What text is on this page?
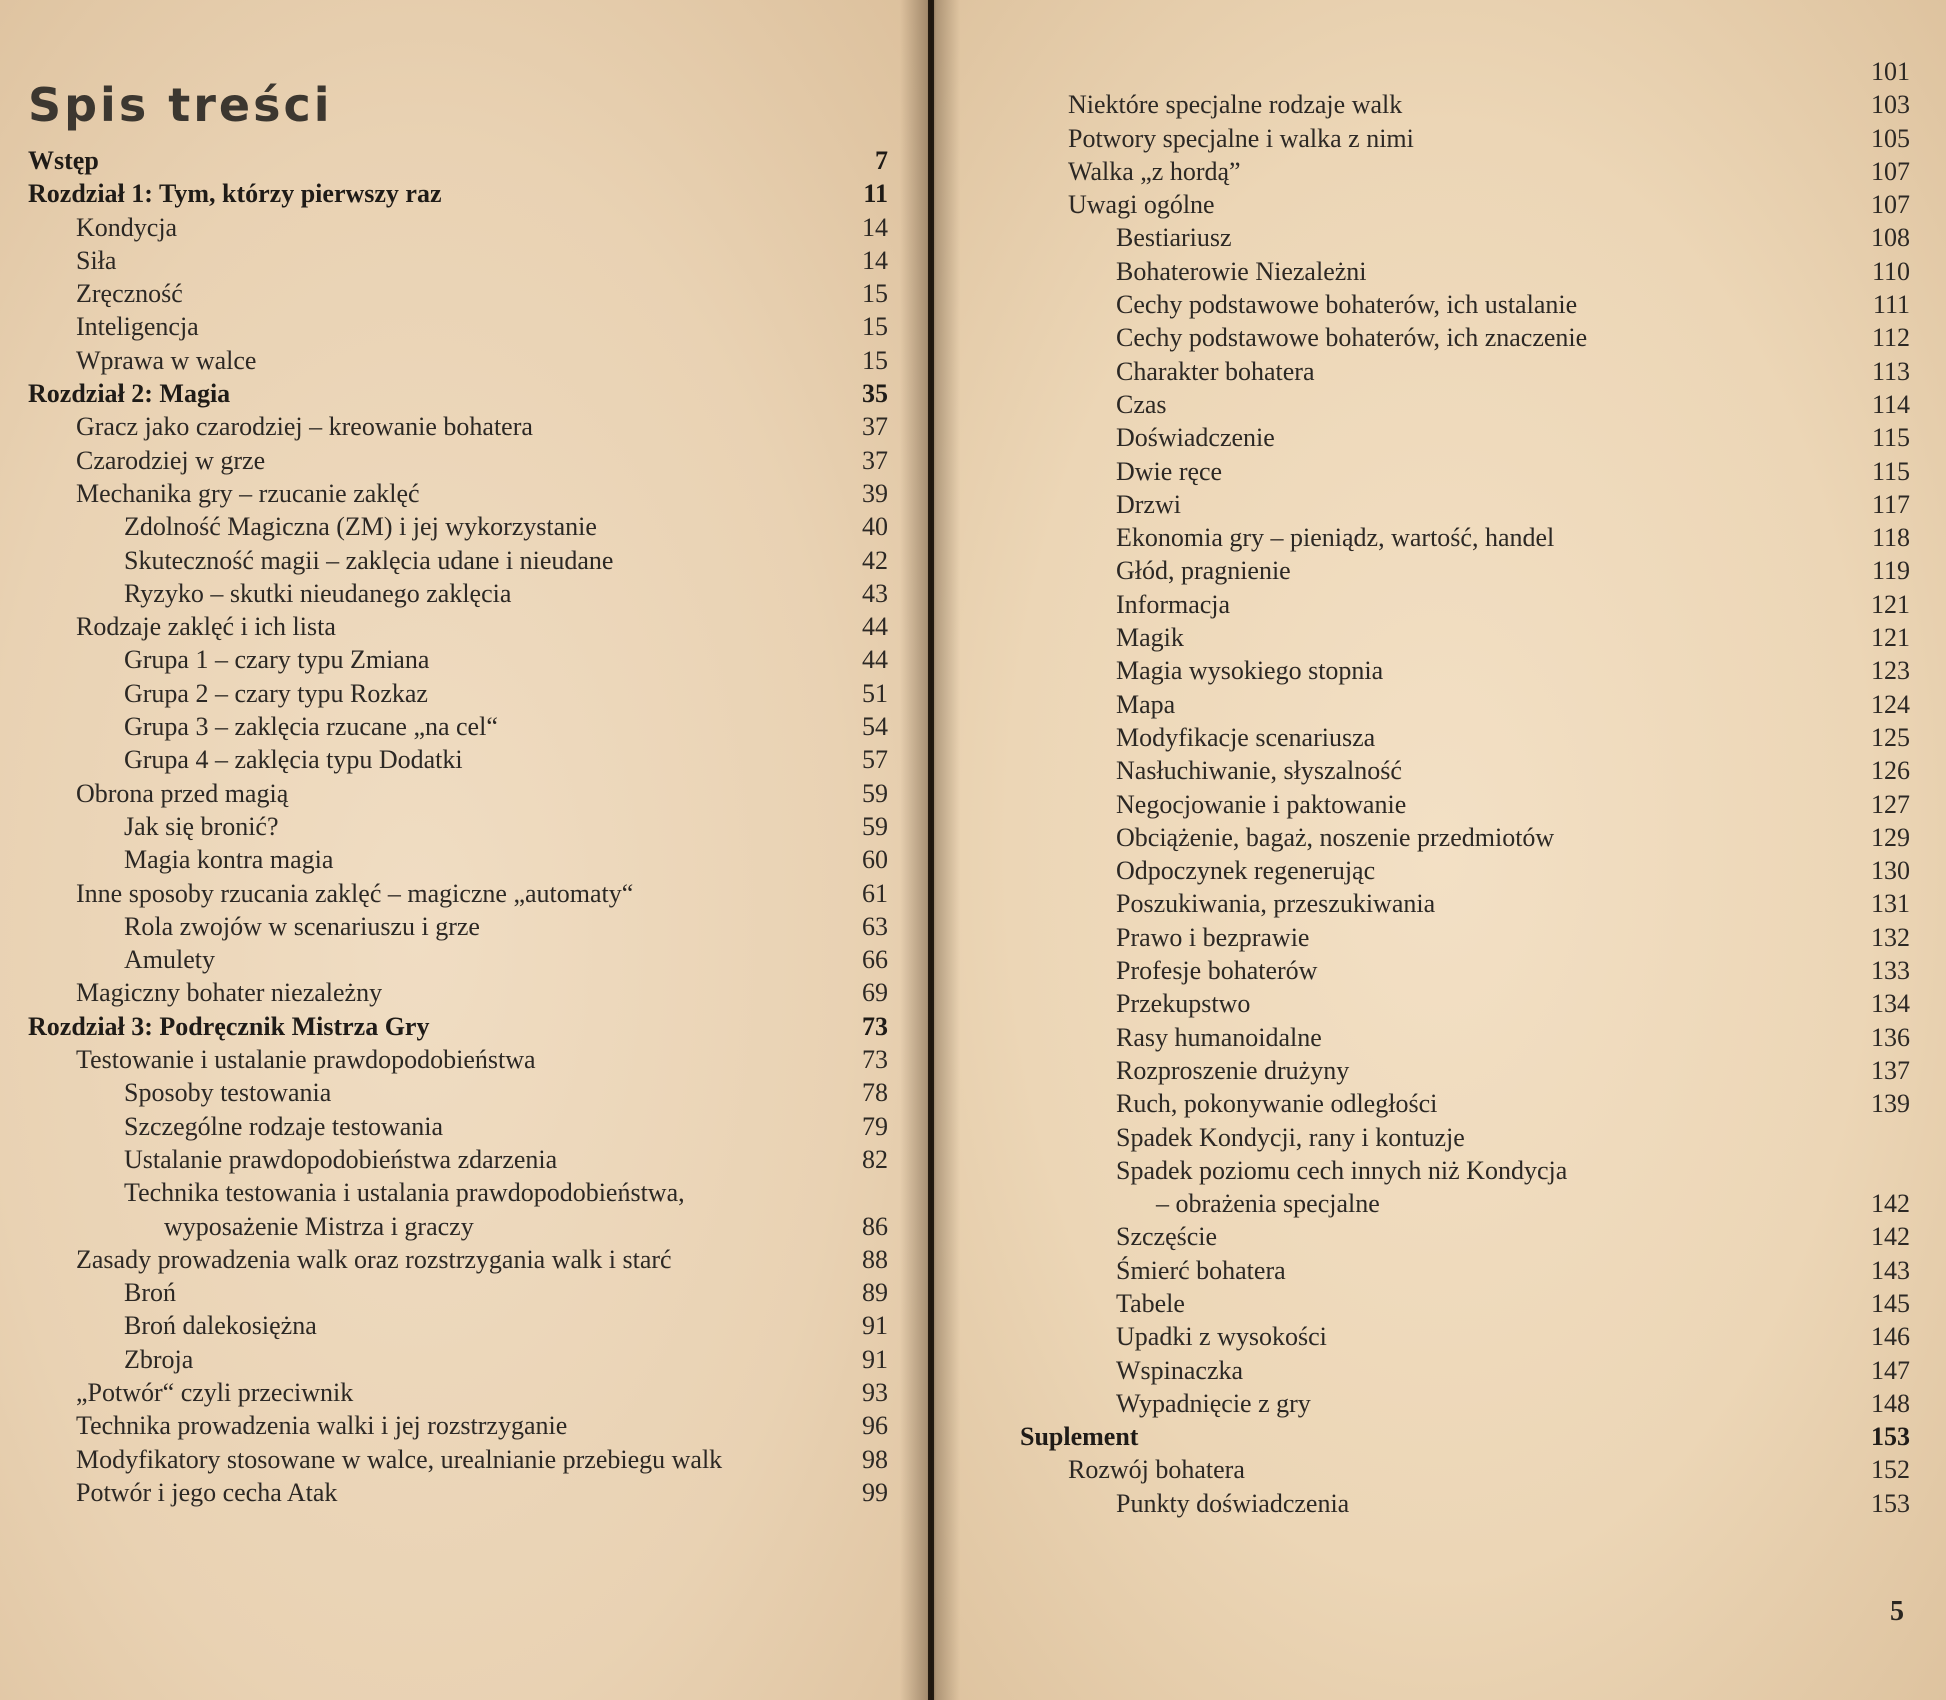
Spis treści
Wstęp	7
Rozdział 1: Tym, którzy pierwszy raz	11
Kondycja	14
Siła	14
Zręczność	15
Inteligencja	15
Wprawa w walce	15
Rozdział 2: Magia	35
Gracz jako czarodziej – kreowanie bohatera	37
Czarodziej w grze	37
Mechanika gry – rzucanie zaklęć	39
Zdolność Magiczna (ZM) i jej wykorzystanie	40
Skuteczność magii – zaklęcia udane i nieudane	42
Ryzyko – skutki nieudanego zaklęcia	43
Rodzaje zaklęć i ich lista	44
Grupa 1 – czary typu Zmiana	44
Grupa 2 – czary typu Rozkaz	51
Grupa 3 – zaklęcia rzucane „na cel“	54
Grupa 4 – zaklęcia typu Dodatki	57
Obrona przed magią	59
Jak się bronić?	59
Magia kontra magia	60
Inne sposoby rzucania zaklęć – magiczne „automaty“	61
Rola zwojów w scenariuszu i grze	63
Amulety	66
Magiczny bohater niezależny	69
Rozdział 3: Podręcznik Mistrza Gry	73
Testowanie i ustalanie prawdopodobieństwa	73
Sposoby testowania	78
Szczególne rodzaje testowania	79
Ustalanie prawdopodobieństwa zdarzenia	82
Technika testowania i ustalania prawdopodobieństwa,
wyposażenie Mistrza i graczy	86
Zasady prowadzenia walk oraz rozstrzygania walk i starć	88
Broń	89
Broń dalekosiężna	91
Zbroja	91
„Potwór“ czyli przeciwnik	93
Technika prowadzenia walki i jej rozstrzyganie	96
Modyfikatory stosowane w walce, urealnianie przebiegu walk	98
Potwór i jego cecha Atak	99
101
Niektóre specjalne rodzaje walk	103
Potwory specjalne i walka z nimi	105
Walka „z hordą”	107
Uwagi ogólne	107
Bestiariusz	108
Bohaterowie Niezależni	110
Cechy podstawowe bohaterów, ich ustalanie	111
Cechy podstawowe bohaterów, ich znaczenie	112
Charakter bohatera	113
Czas	114
Doświadczenie	115
Dwie ręce	115
Drzwi	117
Ekonomia gry – pieniądz, wartość, handel	118
Głód, pragnienie	119
Informacja	121
Magik	121
Magia wysokiego stopnia	123
Mapa	124
Modyfikacje scenariusza	125
Nasłuchiwanie, słyszalność	126
Negocjowanie i paktowanie	127
Obciążenie, bagaż, noszenie przedmiotów	129
Odpoczynek regenerując	130
Poszukiwania, przeszukiwania	131
Prawo i bezprawie	132
Profesje bohaterów	133
Przekupstwo	134
Rasy humanoidalne	136
Rozproszenie drużyny	137
Ruch, pokonywanie odległości	139
Spadek Kondycji, rany i kontuzje
Spadek poziomu cech innych niż Kondycja
– obrażenia specjalne	142
Szczęście	142
Śmierć bohatera	143
Tabele	145
Upadki z wysokości	146
Wspinaczka	147
Wypadnięcie z gry	148
Suplement	153
Rozwój bohatera	152
Punkty doświadczenia	153
5
